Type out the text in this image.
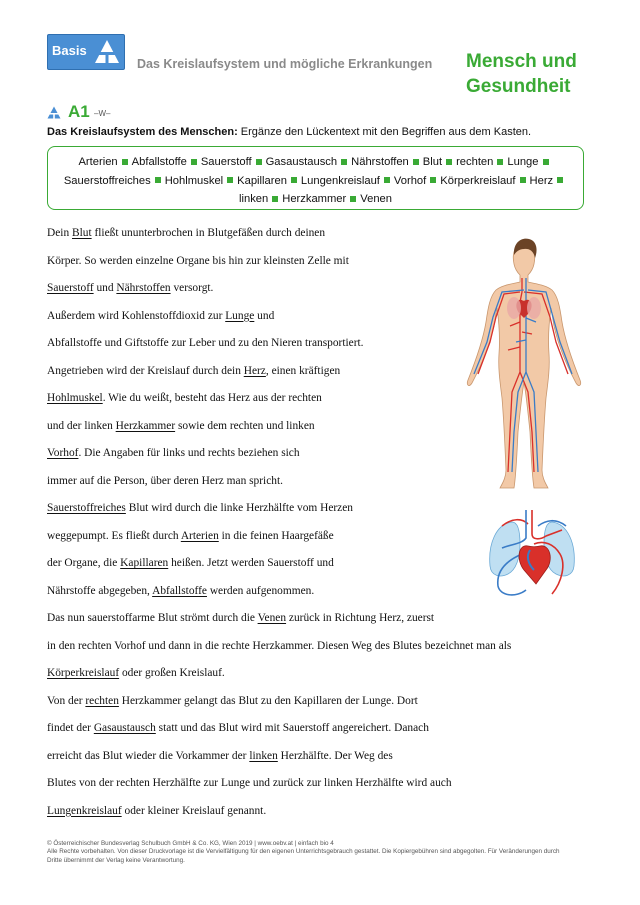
Basis
Das Kreislaufsystem und mögliche Erkrankungen Mensch und
Gesundheit
A1 –W–
Das Kreislaufsystem des Menschen: Ergänze den Lückentext mit den Begriffen aus dem Kasten.
Arterien Abfallstoffe Sauerstoff Gasaustausch Nährstoffen Blut rechten LungeSauerstoffreiches Hohlmuskel Kapillaren Lungenkreislauf Vorhof Körperkreislauf Herzlinken Herzkammer Venen
Dein Blut fließt ununterbrochen in Blutgefäßen durch deinen
Körper. So werden einzelne Organe bis hin zur kleinsten Zelle mit
Sauerstoff und Nährstoffen versorgt.
Außerdem wird Kohlenstoffdioxid zur Lunge und
Abfallstoffe und Giftstoffe zur Leber und zu den Nieren transportiert.
Angetrieben wird der Kreislauf durch dein Herz, einen kräftigen
Hohlmuskel. Wie du weißt, besteht das Herz aus der rechten
und der linken Herzkammer sowie dem rechten und linken
Vorhof. Die Angaben für links und rechts beziehen sich
immer auf die Person, über deren Herz man spricht.
Sauerstoffreiches Blut wird durch die linke Herzhälfte vom Herzen
weggepumpt. Es fließt durch Arterien in die feinen Haargefäße
der Organe, die Kapillaren heißen. Jetzt werden Sauerstoff und
Nährstoffe abgegeben, Abfallstoffe werden aufgenommen.
Das nun sauerstoffarme Blut strömt durch die Venen zurück in Richtung Herz, zuerst
in den rechten Vorhof und dann in die rechte Herzkammer. Diesen Weg des Blutes bezeichnet man als
Körperkreislauf oder großen Kreislauf.
Von der rechten Herzkammer gelangt das Blut zu den Kapillaren der Lunge. Dort
findet der Gasaustausch statt und das Blut wird mit Sauerstoff angereichert. Danach
erreicht das Blut wieder die Vorkammer der linken Herzhälfte. Der Weg des
Blutes von der rechten Herzhälfte zur Lunge und zurück zur linken Herzhälfte wird auch
Lungenkreislauf oder kleiner Kreislauf genannt.
© Österreichischer Bundesverlag Schulbuch GmbH & Co. KG, Wien 2019 | www.oebv.at | einfach bio 4
Alle Rechte vorbehalten. Von dieser Druckvorlage ist die Vervielfältigung für den eigenen Unterrichtsgebrauch gestattet. Die Kopiergebühren sind abgegolten. Für Veränderungen durch
Dritte übernimmt der Verlag keine Verantwortung.
